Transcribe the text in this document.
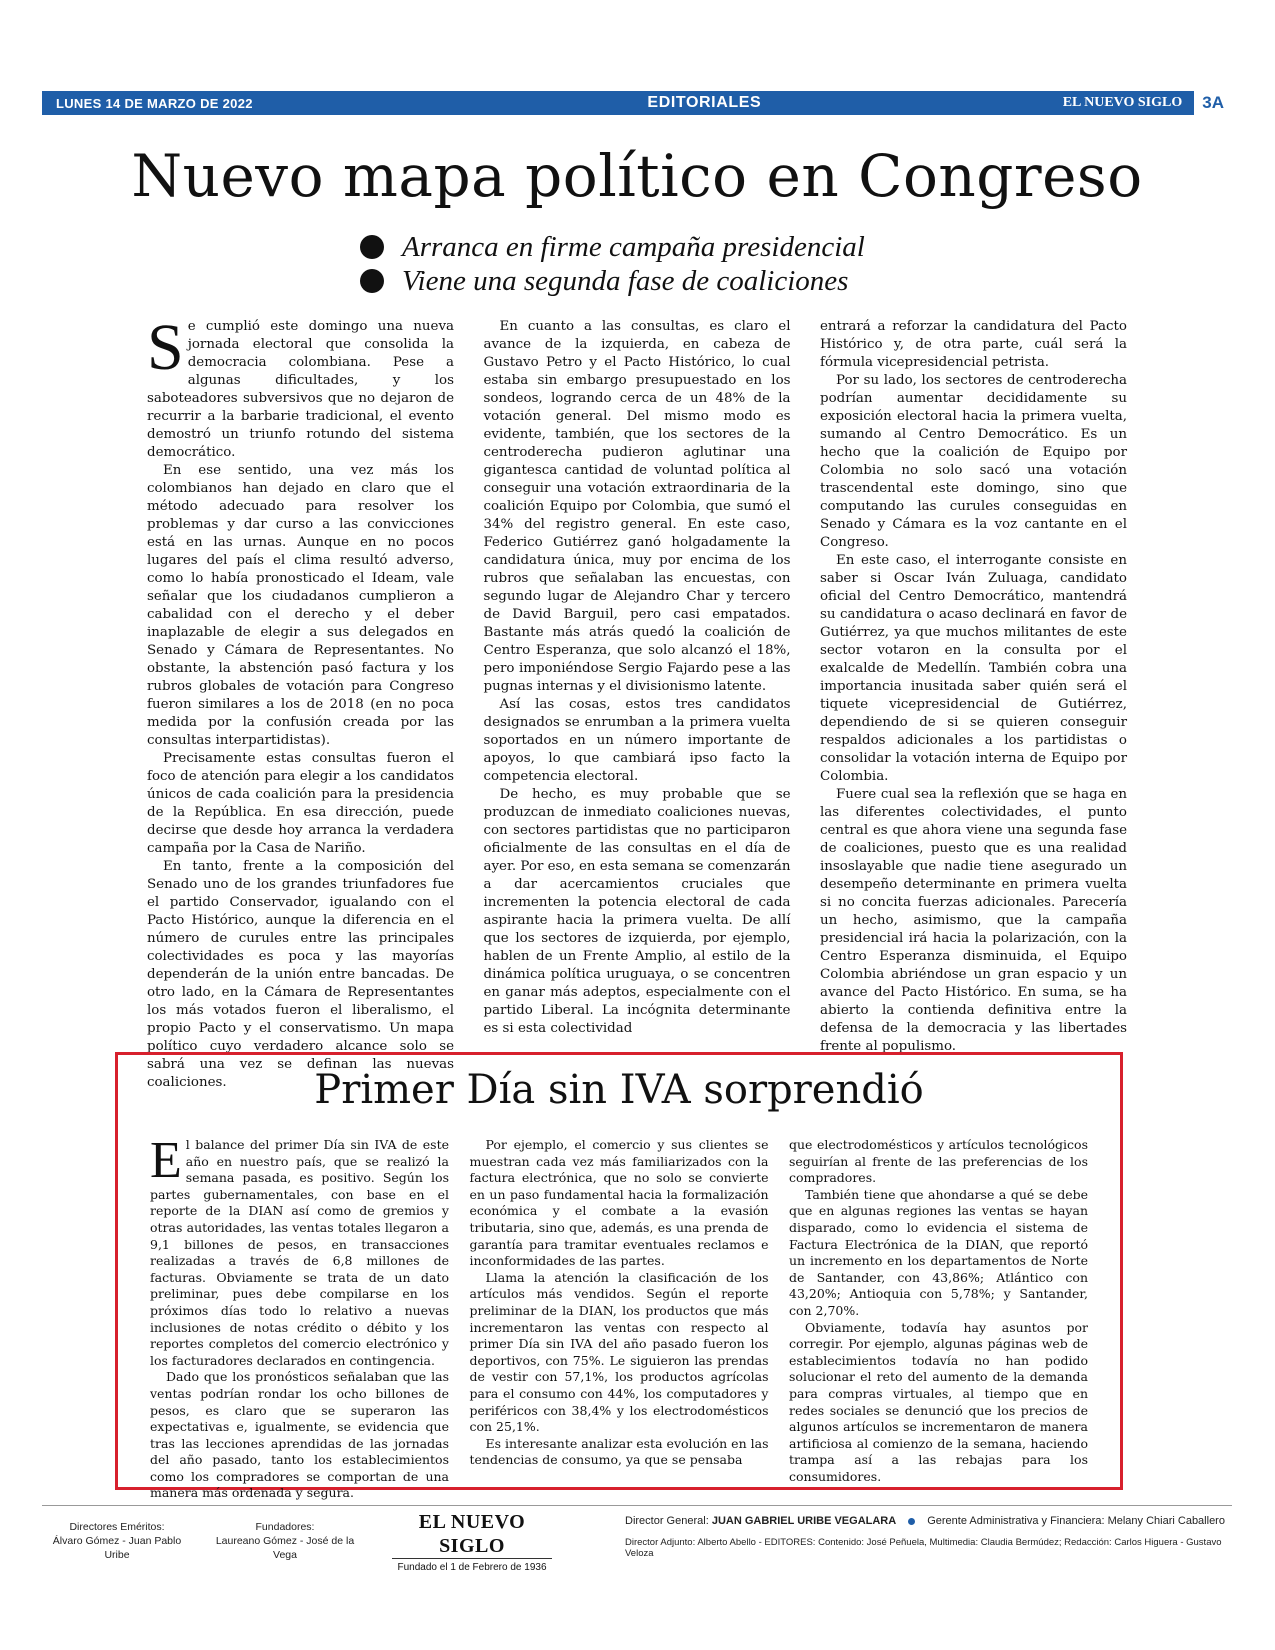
LUNES 14 DE MARZO DE 2022	EDITORIALES	EL NUEVO SIGLO	3A
Nuevo mapa político en Congreso
Arranca en firme campaña presidencial
Viene una segunda fase de coaliciones

Se cumplió este domingo una nueva jornada electoral que consolida la democracia colombiana. Pese a algunas dificultades, y los saboteadores subversivos que no dejaron de recurrir a la barbarie tradicional, el evento demostró un triunfo rotundo del sistema democrático.

En ese sentido, una vez más los colombianos han dejado en claro que el método adecuado para resolver los problemas y dar curso a las convicciones está en las urnas. Aunque en no pocos lugares del país el clima resultó adverso, como lo había pronosticado el Ideam, vale señalar que los ciudadanos cumplieron a cabalidad con el derecho y el deber inaplazable de elegir a sus delegados en Senado y Cámara de Representantes. No obstante, la abstención pasó factura y los rubros globales de votación para Congreso fueron similares a los de 2018 (en no poca medida por la confusión creada por las consultas interpartidistas).

Precisamente estas consultas fueron el foco de atención para elegir a los candidatos únicos de cada coalición para la presidencia de la República. En esa dirección, puede decirse que desde hoy arranca la verdadera campaña por la Casa de Nariño.

En tanto, frente a la composición del Senado uno de los grandes triunfadores fue el partido Conservador, igualando con el Pacto Histórico, aunque la diferencia en el número de curules entre las principales colectividades es poca y las mayorías dependerán de la unión entre bancadas. De otro lado, en la Cámara de Representantes los más votados fueron el liberalismo, el propio Pacto y el conservatismo. Un mapa político cuyo verdadero alcance solo se sabrá una vez se definan las nuevas coaliciones.

En cuanto a las consultas, es claro el avance de la izquierda, en cabeza de Gustavo Petro y el Pacto Histórico, lo cual estaba sin embargo presupuestado en los sondeos, logrando cerca de un 48% de la votación general. Del mismo modo es evidente, también, que los sectores de la centroderecha pudieron aglutinar una gigantesca cantidad de voluntad política al conseguir una votación extraordinaria de la coalición Equipo por Colombia, que sumó el 34% del registro general. En este caso, Federico Gutiérrez ganó holgadamente la candidatura única, muy por encima de los rubros que señalaban las encuestas, con segundo lugar de Alejandro Char y tercero de David Barguil, pero casi empatados. Bastante más atrás quedó la coalición de Centro Esperanza, que solo alcanzó el 18%, pero imponiéndose Sergio Fajardo pese a las pugnas internas y el divisionismo latente.

Así las cosas, estos tres candidatos designados se enrumban a la primera vuelta soportados en un número importante de apoyos, lo que cambiará ipso facto la competencia electoral.

De hecho, es muy probable que se produzcan de inmediato coaliciones nuevas, con sectores partidistas que no participaron oficialmente de las consultas en el día de ayer. Por eso, en esta semana se comenzarán a dar acercamientos cruciales que incrementen la potencia electoral de cada aspirante hacia la primera vuelta. De allí que los sectores de izquierda, por ejemplo, hablen de un Frente Amplio, al estilo de la dinámica política uruguaya, o se concentren en ganar más adeptos, especialmente con el partido Liberal. La incógnita determinante es si esta colectividad

entrará a reforzar la candidatura del Pacto Histórico y, de otra parte, cuál será la fórmula vicepresidencial petrista.

Por su lado, los sectores de centroderecha podrían aumentar decididamente su exposición electoral hacia la primera vuelta, sumando al Centro Democrático. Es un hecho que la coalición de Equipo por Colombia no solo sacó una votación trascendental este domingo, sino que computando las curules conseguidas en Senado y Cámara es la voz cantante en el Congreso.

En este caso, el interrogante consiste en saber si Oscar Iván Zuluaga, candidato oficial del Centro Democrático, mantendrá su candidatura o acaso declinará en favor de Gutiérrez, ya que muchos militantes de este sector votaron en la consulta por el exalcalde de Medellín. También cobra una importancia inusitada saber quién será el tiquete vicepresidencial de Gutiérrez, dependiendo de si se quieren conseguir respaldos adicionales a los partidistas o consolidar la votación interna de Equipo por Colombia.

Fuere cual sea la reflexión que se haga en las diferentes colectividades, el punto central es que ahora viene una segunda fase de coaliciones, puesto que es una realidad insoslayable que nadie tiene asegurado un desempeño determinante en primera vuelta si no concita fuerzas adicionales. Parecería un hecho, asimismo, que la campaña presidencial irá hacia la polarización, con la Centro Esperanza disminuida, el Equipo Colombia abriéndose un gran espacio y un avance del Pacto Histórico. En suma, se ha abierto la contienda definitiva entre la defensa de la democracia y las libertades frente al populismo.

Primer Día sin IVA sorprendió

El balance del primer Día sin IVA de este año en nuestro país, que se realizó la semana pasada, es positivo. Según los partes gubernamentales, con base en el reporte de la DIAN así como de gremios y otras autoridades, las ventas totales llegaron a 9,1 billones de pesos, en transacciones realizadas a través de 6,8 millones de facturas. Obviamente se trata de un dato preliminar, pues debe compilarse en los próximos días todo lo relativo a nuevas inclusiones de notas crédito o débito y los reportes completos del comercio electrónico y los facturadores declarados en contingencia.

Dado que los pronósticos señalaban que las ventas podrían rondar los ocho billones de pesos, es claro que se superaron las expectativas e, igualmente, se evidencia que tras las lecciones aprendidas de las jornadas del año pasado, tanto los establecimientos como los compradores se comportan de una manera más ordenada y segura.

Por ejemplo, el comercio y sus clientes se muestran cada vez más familiarizados con la factura electrónica, que no solo se convierte en un paso fundamental hacia la formalización económica y el combate a la evasión tributaria, sino que, además, es una prenda de garantía para tramitar eventuales reclamos e inconformidades de las partes.

Llama la atención la clasificación de los artículos más vendidos. Según el reporte preliminar de la DIAN, los productos que más incrementaron las ventas con respecto al primer Día sin IVA del año pasado fueron los deportivos, con 75%. Le siguieron las prendas de vestir con 57,1%, los productos agrícolas para el consumo con 44%, los computadores y periféricos con 38,4% y los electrodomésticos con 25,1%.

Es interesante analizar esta evolución en las tendencias de consumo, ya que se pensaba

que electrodomésticos y artículos tecnológicos seguirían al frente de las preferencias de los compradores.

También tiene que ahondarse a qué se debe que en algunas regiones las ventas se hayan disparado, como lo evidencia el sistema de Factura Electrónica de la DIAN, que reportó un incremento en los departamentos de Norte de Santander, con 43,86%; Atlántico con 43,20%; Antioquia con 5,78%; y Santander, con 2,70%.

Obviamente, todavía hay asuntos por corregir. Por ejemplo, algunas páginas web de establecimientos todavía no han podido solucionar el reto del aumento de la demanda para compras virtuales, al tiempo que en redes sociales se denunció que los precios de algunos artículos se incrementaron de manera artificiosa al comienzo de la semana, haciendo trampa así a las rebajas para los consumidores.

Directores Eméritos:
Álvaro Gómez - Juan Pablo Uribe
Fundadores:
Laureano Gómez - José de la Vega
EL NUEVO SIGLO
Fundado el 1 de Febrero de 1936
Director General:
JUAN GABRIEL URIBE VEGALARA	Gerente Administrativa y Financiera:
Melany Chiari Caballero
Director Adjunto: Alberto Abello - EDITORES: Contenido: José Peñuela, Multimedia: Claudia Bermúdez; Redacción: Carlos Higuera - Gustavo Veloza
